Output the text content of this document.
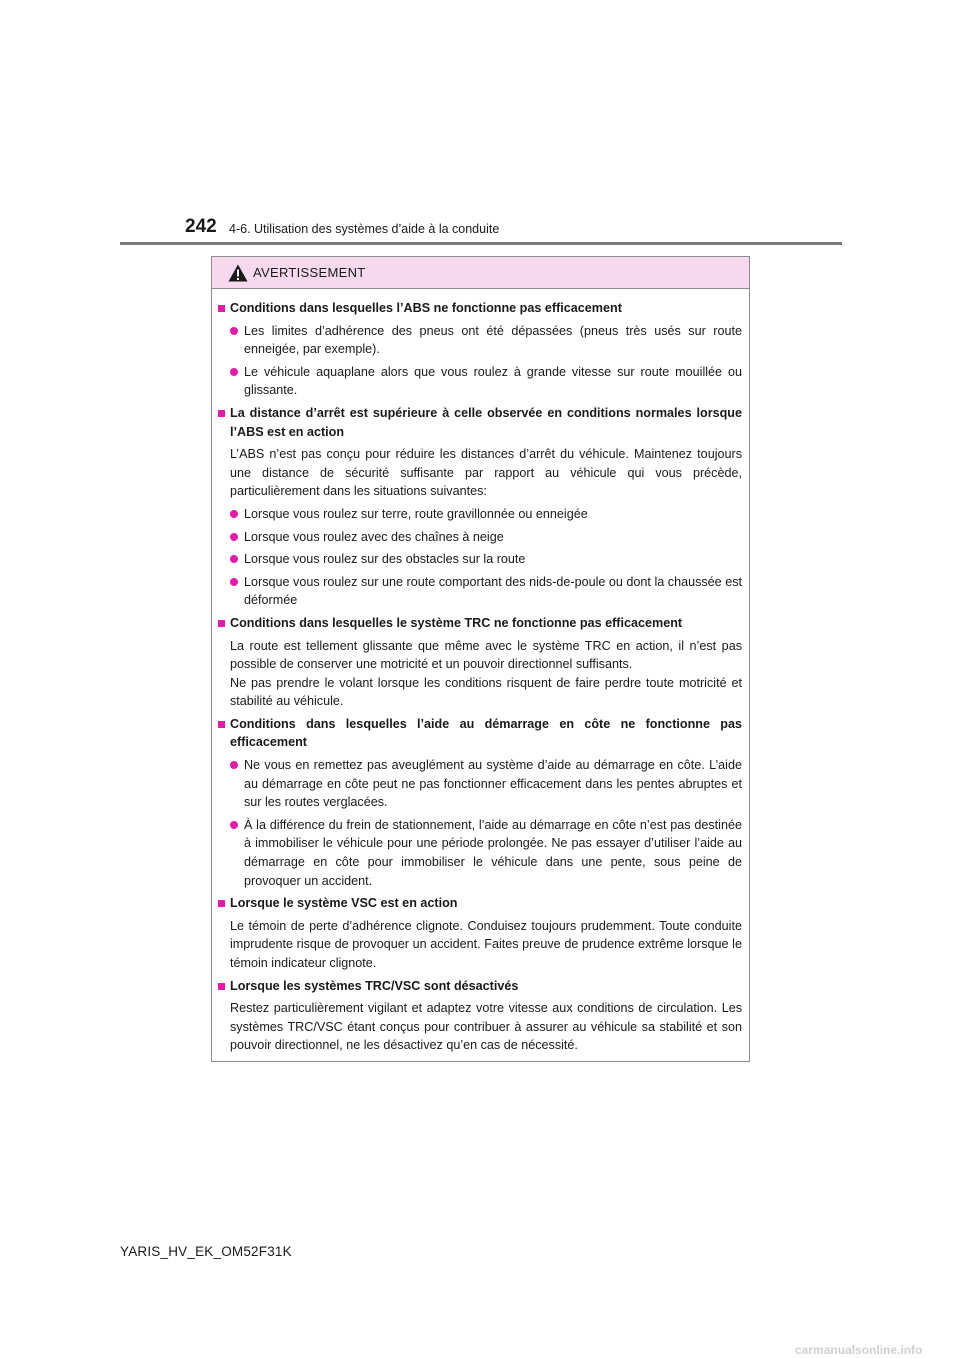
242 4-6. Utilisation des systèmes d’aide à la conduite
AVERTISSEMENT
Conditions dans lesquelles l’ABS ne fonctionne pas efficacement
Les limites d’adhérence des pneus ont été dépassées (pneus très usés sur route enneigée, par exemple).
Le véhicule aquaplane alors que vous roulez à grande vitesse sur route mouillée ou glissante.
La distance d’arrêt est supérieure à celle observée en conditions normales lorsque l’ABS est en action
L’ABS n’est pas conçu pour réduire les distances d’arrêt du véhicule. Maintenez toujours une distance de sécurité suffisante par rapport au véhicule qui vous précède, particulièrement dans les situations suivantes:
Lorsque vous roulez sur terre, route gravillonnée ou enneigée
Lorsque vous roulez avec des chaînes à neige
Lorsque vous roulez sur des obstacles sur la route
Lorsque vous roulez sur une route comportant des nids-de-poule ou dont la chaussée est déformée
Conditions dans lesquelles le système TRC ne fonctionne pas efficacement
La route est tellement glissante que même avec le système TRC en action, il n’est pas possible de conserver une motricité et un pouvoir directionnel suffisants.
Ne pas prendre le volant lorsque les conditions risquent de faire perdre toute motricité et stabilité au véhicule.
Conditions dans lesquelles l’aide au démarrage en côte ne fonctionne pas efficacement
Ne vous en remettez pas aveuglément au système d’aide au démarrage en côte. L’aide au démarrage en côte peut ne pas fonctionner efficacement dans les pentes abruptes et sur les routes verglacées.
À la différence du frein de stationnement, l’aide au démarrage en côte n’est pas destinée à immobiliser le véhicule pour une période prolongée. Ne pas essayer d’utiliser l’aide au démarrage en côte pour immobiliser le véhicule dans une pente, sous peine de provoquer un accident.
Lorsque le système VSC est en action
Le témoin de perte d’adhérence clignote. Conduisez toujours prudemment. Toute conduite imprudente risque de provoquer un accident. Faites preuve de prudence extrême lorsque le témoin indicateur clignote.
Lorsque les systèmes TRC/VSC sont désactivés
Restez particulièrement vigilant et adaptez votre vitesse aux conditions de circulation. Les systèmes TRC/VSC étant conçus pour contribuer à assurer au véhicule sa stabilité et son pouvoir directionnel, ne les désactivez qu’en cas de nécessité.
YARIS_HV_EK_OM52F31K
carmanualsonline.info
